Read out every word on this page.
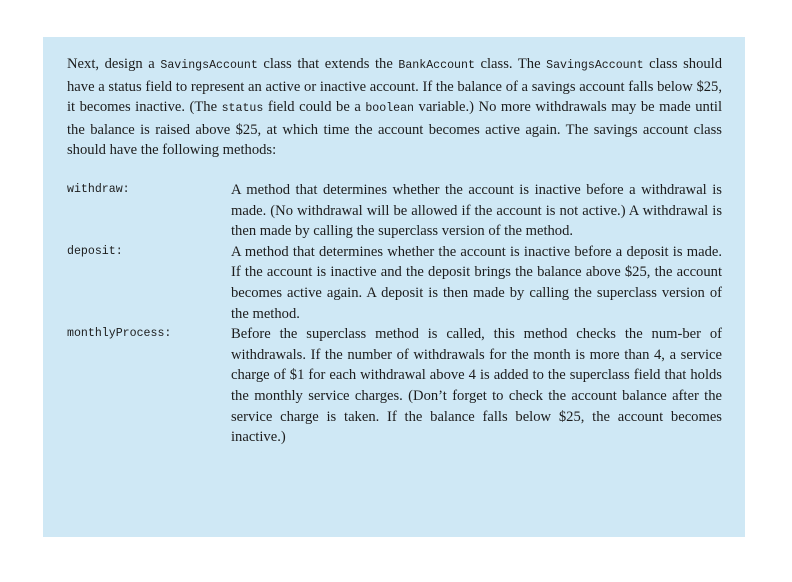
Next, design a SavingsAccount class that extends the BankAccount class. The SavingsAccount class should have a status field to represent an active or inactive account. If the balance of a savings account falls below $25, it becomes inactive. (The status field could be a boolean variable.) No more withdrawals may be made until the balance is raised above $25, at which time the account becomes active again. The savings account class should have the following methods:

withdraw:	A method that determines whether the account is inactive before a withdrawal is made. (No withdrawal will be allowed if the account is not active.) A withdrawal is then made by calling the superclass version of the method.
deposit:	A method that determines whether the account is inactive before a deposit is made. If the account is inactive and the deposit brings the balance above $25, the account becomes active again. A deposit is then made by calling the superclass version of the method.
monthlyProcess:	Before the superclass method is called, this method checks the num-ber of withdrawals. If the number of withdrawals for the month is more than 4, a service charge of $1 for each withdrawal above 4 is added to the superclass field that holds the monthly service charges. (Don’t forget to check the account balance after the service charge is taken. If the balance falls below $25, the account becomes inactive.)
